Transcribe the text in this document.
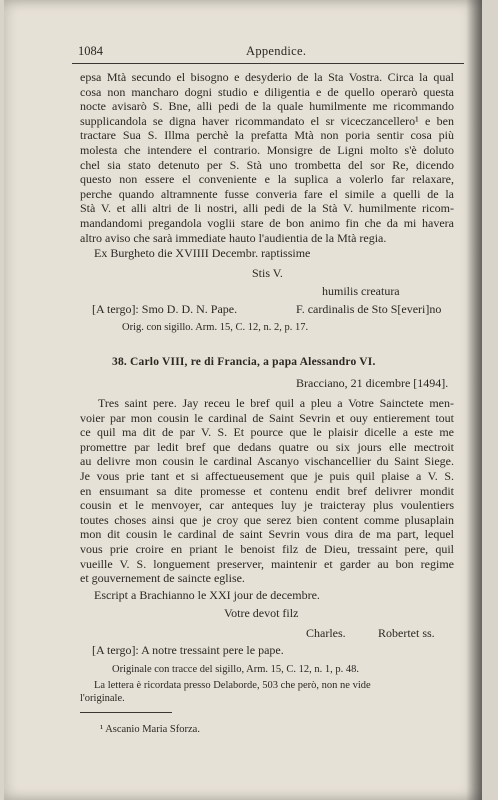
1084	Appendice.
epsa Mtà secundo el bisogno e desyderio de la Sta Vostra. Circa la qual
cosa non mancharo dogni studio e diligentia e de quello operarò questa
nocte avisarò S. Bne, alli pedi de la quale humilmente me ricommando
supplicandola se digna haver ricommandato el sr viceczancellero¹ e ben
tractare Sua S. Illma perchè la prefatta Mtà non poria sentir cosa più
molesta che intendere el contrario. Monsigre de Ligni molto s'è doluto
chel sia stato detenuto per S. Stà uno trombetta del sor Re, dicendo
questo non essere el conveniente e la suplica a volerlo far relaxare,
perche quando altramnente fusse converia fare el simile a quelli de la
Stà V. et alli altri de li nostri, alli pedi de la Stà V. humilmente ricom-
mandandomi pregandola voglii stare de bon animo fin che da mi havera
altro aviso che sarà immediate hauto l'audientia de la Mtà regia.
Ex Burgheto die XVIIII Decembr. raptissime
Stis V.
humilis creatura
[A tergo]: Smo D. D. N. Pape.	F. cardinalis de Sto S[everi]no
Orig. con sigillo. Arm. 15, C. 12, n. 2, p. 17.
38. Carlo VIII, re di Francia, a papa Alessandro VI.
Bracciano, 21 dicembre [1494].
Tres saint pere. Jay receu le bref quil a pleu a Votre Sainctete men-
voier par mon cousin le cardinal de Saint Sevrin et ouy entierement tout
ce quil ma dit de par V. S. Et pource que le plaisir dicelle a este me
promettre par ledit bref que dedans quatre ou six jours elle mectroit
au delivre mon cousin le cardinal Ascanyo vischancellier du Saint Siege.
Je vous prie tant et si affectueusement que je puis quil plaise a V. S.
en ensuımant sa dite promesse et contenu endit bref delivrer mondit
cousin et le menvoyer, car anteques luy je traicteray plus voulentiers
toutes choses ainsi que je croy que serez bien content comme plusaplain
mon dit cousin le cardinal de saint Sevrin vous dira de ma part, lequel
vous prie croire en priant le benoist filz de Dieu, tressaint pere, quil
vueille V. S. longuement preserver, maintenir et garder au bon regime
et gouvernement de saincte eglise.
Escript a Brachianno le XXI jour de decembre.
Votre devot filz
Charles.	Robertet ss.
[A tergo]: A notre tressaint pere le pape.
Originale con tracce del sigillo, Arm. 15, C. 12, n. 1, p. 48.
La lettera è ricordata presso Delaborde, 503 che però, non ne vide
l'originale.
¹ Ascanio Maria Sforza.
